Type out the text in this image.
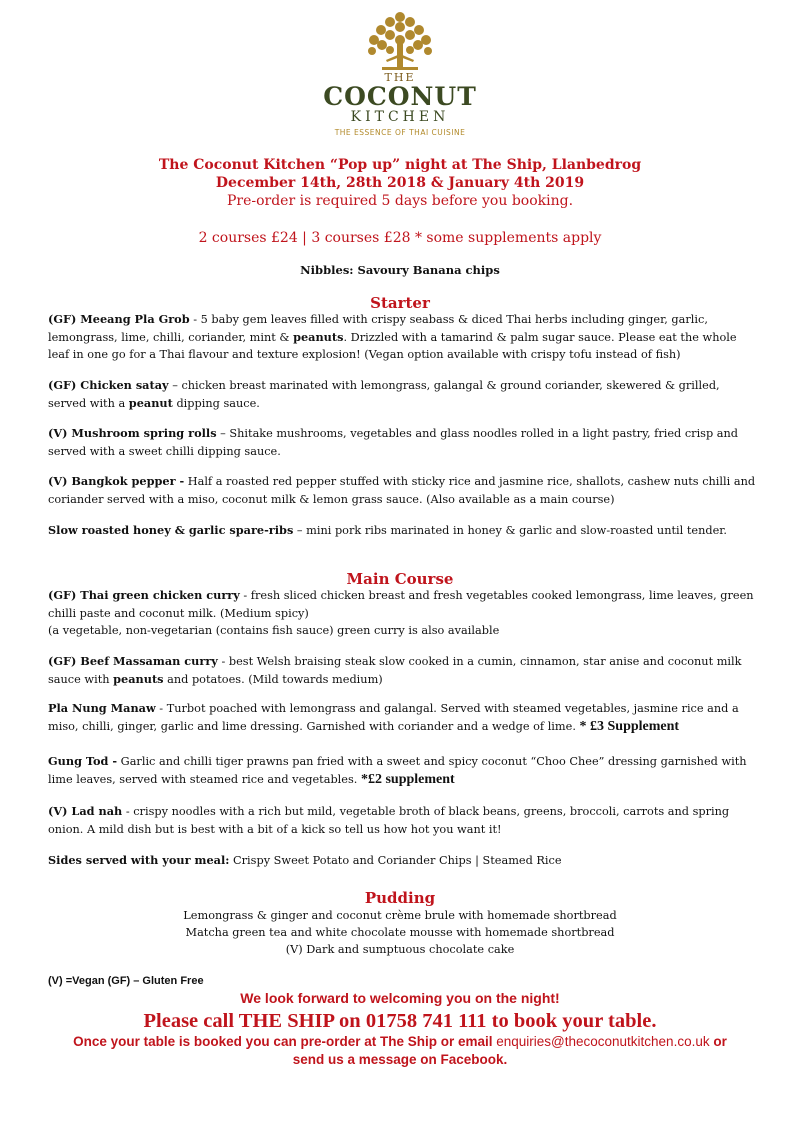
THE
COCONUT
KITCHEN
THE ESSENCE OF THAI CUISINE
The Coconut Kitchen “Pop up” night at The Ship, Llanbedrog
December 14th, 28th 2018 & January 4th 2019
Pre-order is required 5 days before you booking.
2 courses £24 | 3 courses £28 * some supplements apply
Nibbles: Savoury Banana chips
Starter
(GF) Meeang Pla Grob - 5 baby gem leaves filled with crispy seabass & diced Thai herbs including ginger, garlic, lemongrass, lime, chilli, coriander, mint & peanuts. Drizzled with a tamarind & palm sugar sauce. Please eat the whole leaf in one go for a Thai flavour and texture explosion! (Vegan option available with crispy tofu instead of fish)
(GF) Chicken satay – chicken breast marinated with lemongrass, galangal & ground coriander, skewered & grilled, served with a peanut dipping sauce.
(V) Mushroom spring rolls – Shitake mushrooms, vegetables and glass noodles rolled in a light pastry, fried crisp and served with a sweet chilli dipping sauce.
(V) Bangkok pepper - Half a roasted red pepper stuffed with sticky rice and jasmine rice, shallots, cashew nuts chilli and coriander served with a miso, coconut milk & lemon grass sauce. (Also available as a main course)
Slow roasted honey & garlic spare-ribs – mini pork ribs marinated in honey & garlic and slow-roasted until tender.
Main Course
(GF) Thai green chicken curry - fresh sliced chicken breast and fresh vegetables cooked lemongrass, lime leaves, green chilli paste and coconut milk. (Medium spicy)
(a vegetable, non-vegetarian (contains fish sauce) green curry is also available
(GF) Beef Massaman curry - best Welsh braising steak slow cooked in a cumin, cinnamon, star anise and coconut milk sauce with peanuts and potatoes. (Mild towards medium)
Pla Nung Manaw - Turbot poached with lemongrass and galangal. Served with steamed vegetables, jasmine rice and a miso, chilli, ginger, garlic and lime dressing. Garnished with coriander and a wedge of lime. * £3 Supplement
Gung Tod - Garlic and chilli tiger prawns pan fried with a sweet and spicy coconut “Choo Chee” dressing garnished with lime leaves, served with steamed rice and vegetables. *£2 supplement
(V) Lad nah - crispy noodles with a rich but mild, vegetable broth of black beans, greens, broccoli, carrots and spring onion. A mild dish but is best with a bit of a kick so tell us how hot you want it!
Sides served with your meal: Crispy Sweet Potato and Coriander Chips | Steamed Rice
Pudding
Lemongrass & ginger and coconut crème brule with homemade shortbread
Matcha green tea and white chocolate mousse with homemade shortbread
(V) Dark and sumptuous chocolate cake
(V) =Vegan (GF) – Gluten Free
We look forward to welcoming you on the night!
Please call THE SHIP on 01758 741 111 to book your table.
Once your table is booked you can pre-order at The Ship or email enquiries@thecoconutkitchen.co.uk or
send us a message on Facebook.
